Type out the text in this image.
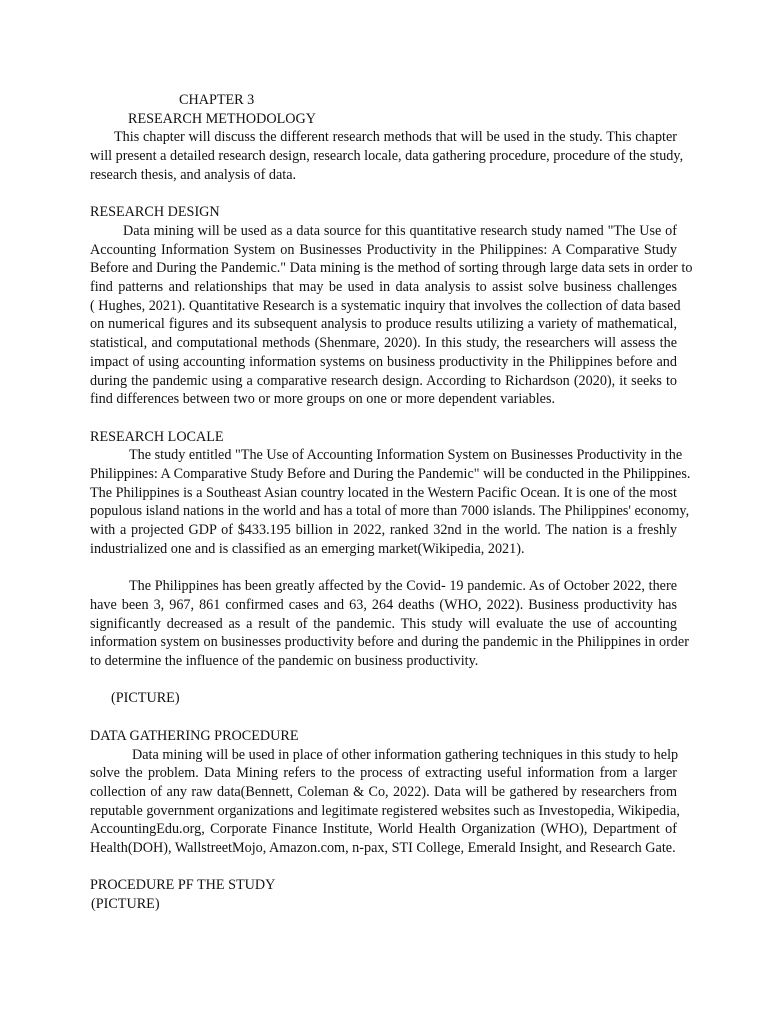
CHAPTER 3
RESEARCH METHODOLOGY
This chapter will discuss the different research methods that will be used in the study. This chapter
will present a detailed research design, research locale, data gathering procedure, procedure of the study,
research thesis, and analysis of data.
RESEARCH DESIGN
Data mining will be used as a data source for this quantitative research study named "The Use of
Accounting Information System on Businesses Productivity in the Philippines: A Comparative Study
Before and During the Pandemic." Data mining is the method of sorting through large data sets in order to
find patterns and relationships that may be used in data analysis to assist solve business challenges
( Hughes, 2021). Quantitative Research is a systematic inquiry that involves the collection of data based
on numerical figures and its subsequent analysis to produce results utilizing a variety of mathematical,
statistical, and computational methods (Shenmare, 2020). In this study, the researchers will assess the
impact of using accounting information systems on business productivity in the Philippines before and
during the pandemic using a comparative research design. According to Richardson (2020), it seeks to
find differences between two or more groups on one or more dependent variables.
RESEARCH LOCALE
The study entitled "The Use of Accounting Information System on Businesses Productivity in the
Philippines: A Comparative Study Before and During the Pandemic" will be conducted in the Philippines.
The Philippines is a Southeast Asian country located in the Western Pacific Ocean. It is one of the most
populous island nations in the world and has a total of more than 7000 islands. The Philippines' economy,
with a projected GDP of $433.195 billion in 2022, ranked 32nd in the world. The nation is a freshly
industrialized one and is classified as an emerging market(Wikipedia, 2021).
The Philippines has been greatly affected by the Covid- 19 pandemic. As of October 2022, there
have been 3, 967, 861 confirmed cases and 63, 264 deaths (WHO, 2022). Business productivity has
significantly decreased as a result of the pandemic. This study will evaluate the use of accounting
information system on businesses productivity before and during the pandemic in the Philippines in order
to determine the influence of the pandemic on business productivity.
(PICTURE)
DATA GATHERING PROCEDURE
Data mining will be used in place of other information gathering techniques in this study to help
solve the problem. Data Mining refers to the process of extracting useful information from a larger
collection of any raw data(Bennett, Coleman & Co, 2022). Data will be gathered by researchers from
reputable government organizations and legitimate registered websites such as Investopedia, Wikipedia,
AccountingEdu.org, Corporate Finance Institute, World Health Organization (WHO), Department of
Health(DOH), WallstreetMojo, Amazon.com, n-pax, STI College, Emerald Insight, and Research Gate.
PROCEDURE PF THE STUDY
(PICTURE)
